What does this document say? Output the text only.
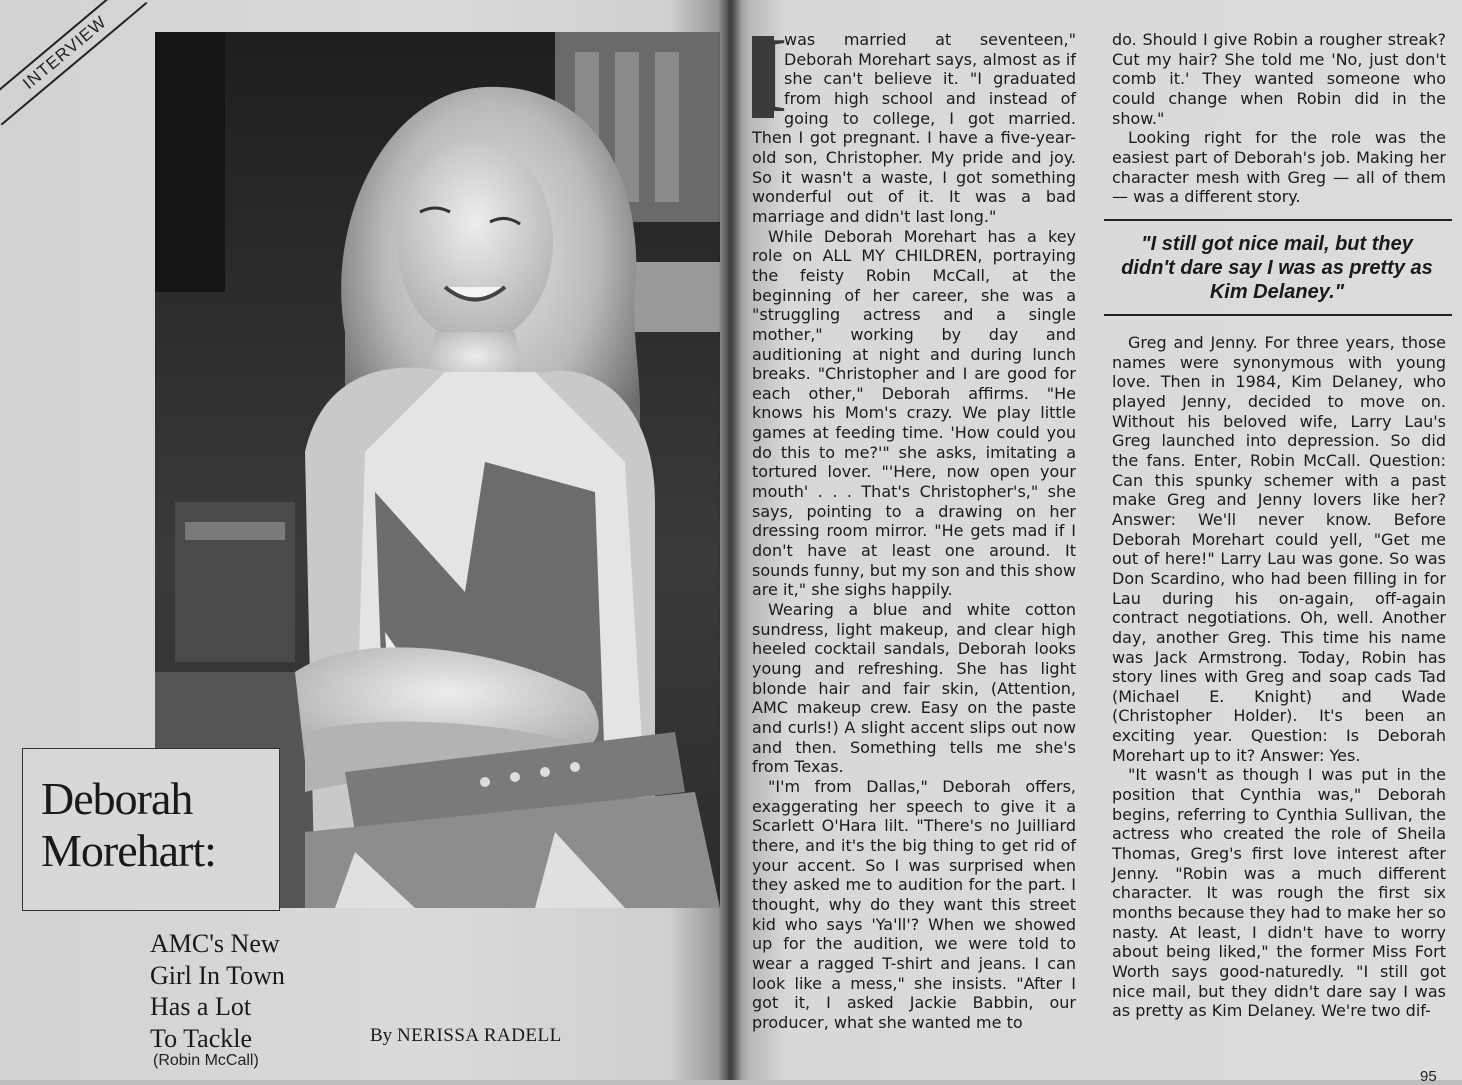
INTERVIEW
Deborah
Morehart:
AMC's New
Girl In Town
Has a Lot
To Tackle
(Robin McCall)
By NERISSA RADELL
I

was married at seventeen," Deborah Morehart says, almost as if she can't believe it. "I graduated from high school and instead of going to college, I got married. Then I got pregnant. I have a five-year-old son, Christopher. My pride and joy. So it wasn't a waste, I got something wonderful out of it. It was a bad marriage and didn't last long."

While Deborah Morehart has a key role on ALL MY CHILDREN, portraying the feisty Robin McCall, at the beginning of her career, she was a "struggling actress and a single mother," working by day and auditioning at night and during lunch breaks. "Christopher and I are good for each other," Deborah affirms. "He knows his Mom's crazy. We play little games at feeding time. 'How could you do this to me?'" she asks, imitating a tortured lover. "'Here, now open your mouth' . . . That's Christopher's," she says, pointing to a drawing on her dressing room mirror. "He gets mad if I don't have at least one around. It sounds funny, but my son and this show are it," she sighs happily.

Wearing a blue and white cotton sundress, light makeup, and clear high heeled cocktail sandals, Deborah looks young and refreshing. She has light blonde hair and fair skin, (Attention, AMC makeup crew. Easy on the paste and curls!) A slight accent slips out now and then. Something tells me she's from Texas.

"I'm from Dallas," Deborah offers, exaggerating her speech to give it a Scarlett O'Hara lilt. "There's no Juilliard there, and it's the big thing to get rid of your accent. So I was surprised when they asked me to audition for the part. I thought, why do they want this street kid who says 'Ya'll'? When we showed up for the audition, we were told to wear a ragged T-shirt and jeans. I can look like a mess," she insists. "After I got it, I asked Jackie Babbin, our producer, what she wanted me to

do. Should I give Robin a rougher streak? Cut my hair? She told me 'No, just don't comb it.' They wanted someone who could change when Robin did in the show."

Looking right for the role was the easiest part of Deborah's job. Making her character mesh with Greg — all of them — was a different story.

"I still got nice mail, but they didn't dare say I was as pretty as Kim Delaney."

Greg and Jenny. For three years, those names were synonymous with young love. Then in 1984, Kim Delaney, who played Jenny, decided to move on. Without his beloved wife, Larry Lau's Greg launched into depression. So did the fans. Enter, Robin McCall. Question: Can this spunky schemer with a past make Greg and Jenny lovers like her? Answer: We'll never know. Before Deborah Morehart could yell, "Get me out of here!" Larry Lau was gone. So was Don Scardino, who had been filling in for Lau during his on-again, off-again contract negotiations. Oh, well. Another day, another Greg. This time his name was Jack Armstrong. Today, Robin has story lines with Greg and soap cads Tad (Michael E. Knight) and Wade (Christopher Holder). It's been an exciting year. Question: Is Deborah Morehart up to it? Answer: Yes.

"It wasn't as though I was put in the position that Cynthia was," Deborah begins, referring to Cynthia Sullivan, the actress who created the role of Sheila Thomas, Greg's first love interest after Jenny. "Robin was a much different character. It was rough the first six months because they had to make her so nasty. At least, I didn't have to worry about being liked," the former Miss Fort Worth says good-naturedly. "I still got nice mail, but they didn't dare say I was as pretty as Kim Delaney. We're two dif-

95
